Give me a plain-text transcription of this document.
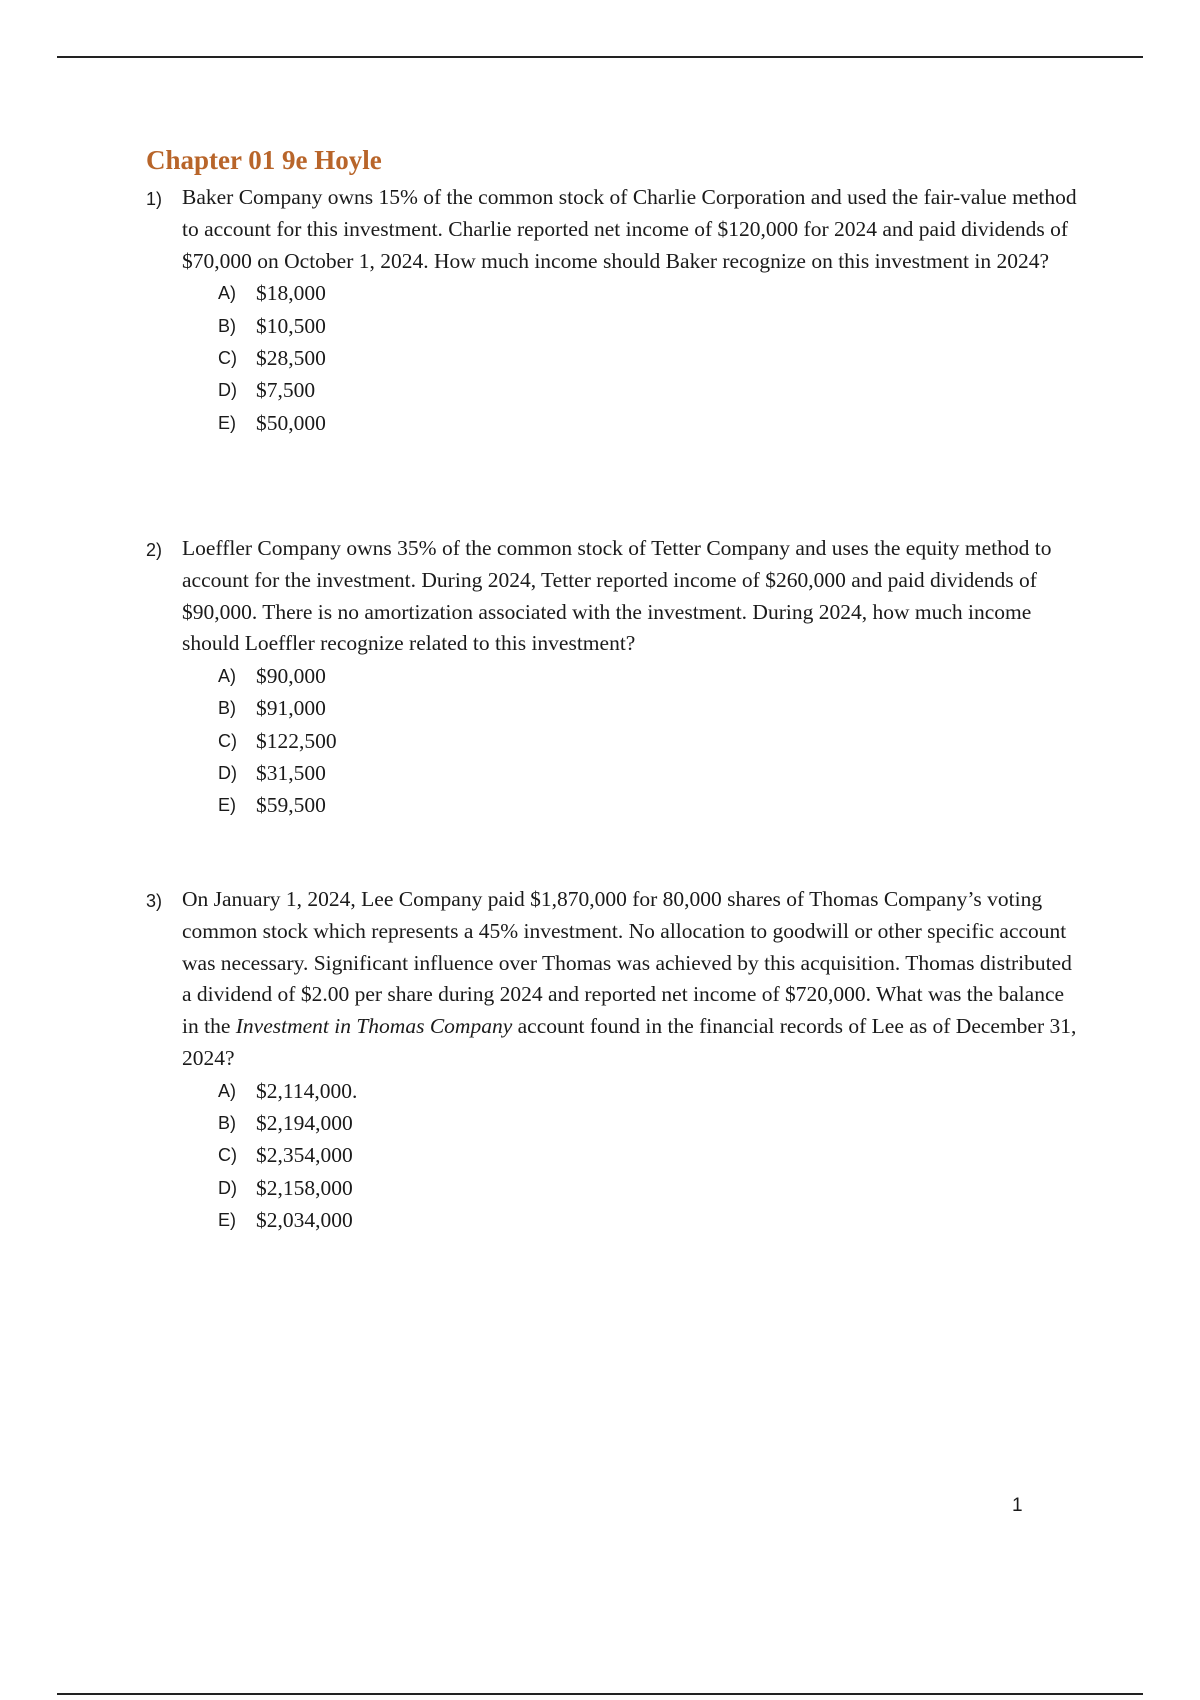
Chapter 01 9e Hoyle
1) Baker Company owns 15% of the common stock of Charlie Corporation and used the fair-value method to account for this investment. Charlie reported net income of $120,000 for 2024 and paid dividends of $70,000 on October 1, 2024. How much income should Baker recognize on this investment in 2024?

A) $18,000
B) $10,500
C) $28,500
D) $7,500
E) $50,000
2) Loeffler Company owns 35% of the common stock of Tetter Company and uses the equity method to account for the investment. During 2024, Tetter reported income of $260,000 and paid dividends of $90,000. There is no amortization associated with the investment. During 2024, how much income should Loeffler recognize related to this investment?

A) $90,000
B) $91,000
C) $122,500
D) $31,500
E) $59,500
3) On January 1, 2024, Lee Company paid $1,870,000 for 80,000 shares of Thomas Company’s voting common stock which represents a 45% investment. No allocation to goodwill or other specific account was necessary. Significant influence over Thomas was achieved by this acquisition. Thomas distributed a dividend of $2.00 per share during 2024 and reported net income of $720,000. What was the balance in the Investment in Thomas Company account found in the financial records of Lee as of December 31, 2024?

A) $2,114,000.
B) $2,194,000
C) $2,354,000
D) $2,158,000
E) $2,034,000
1
